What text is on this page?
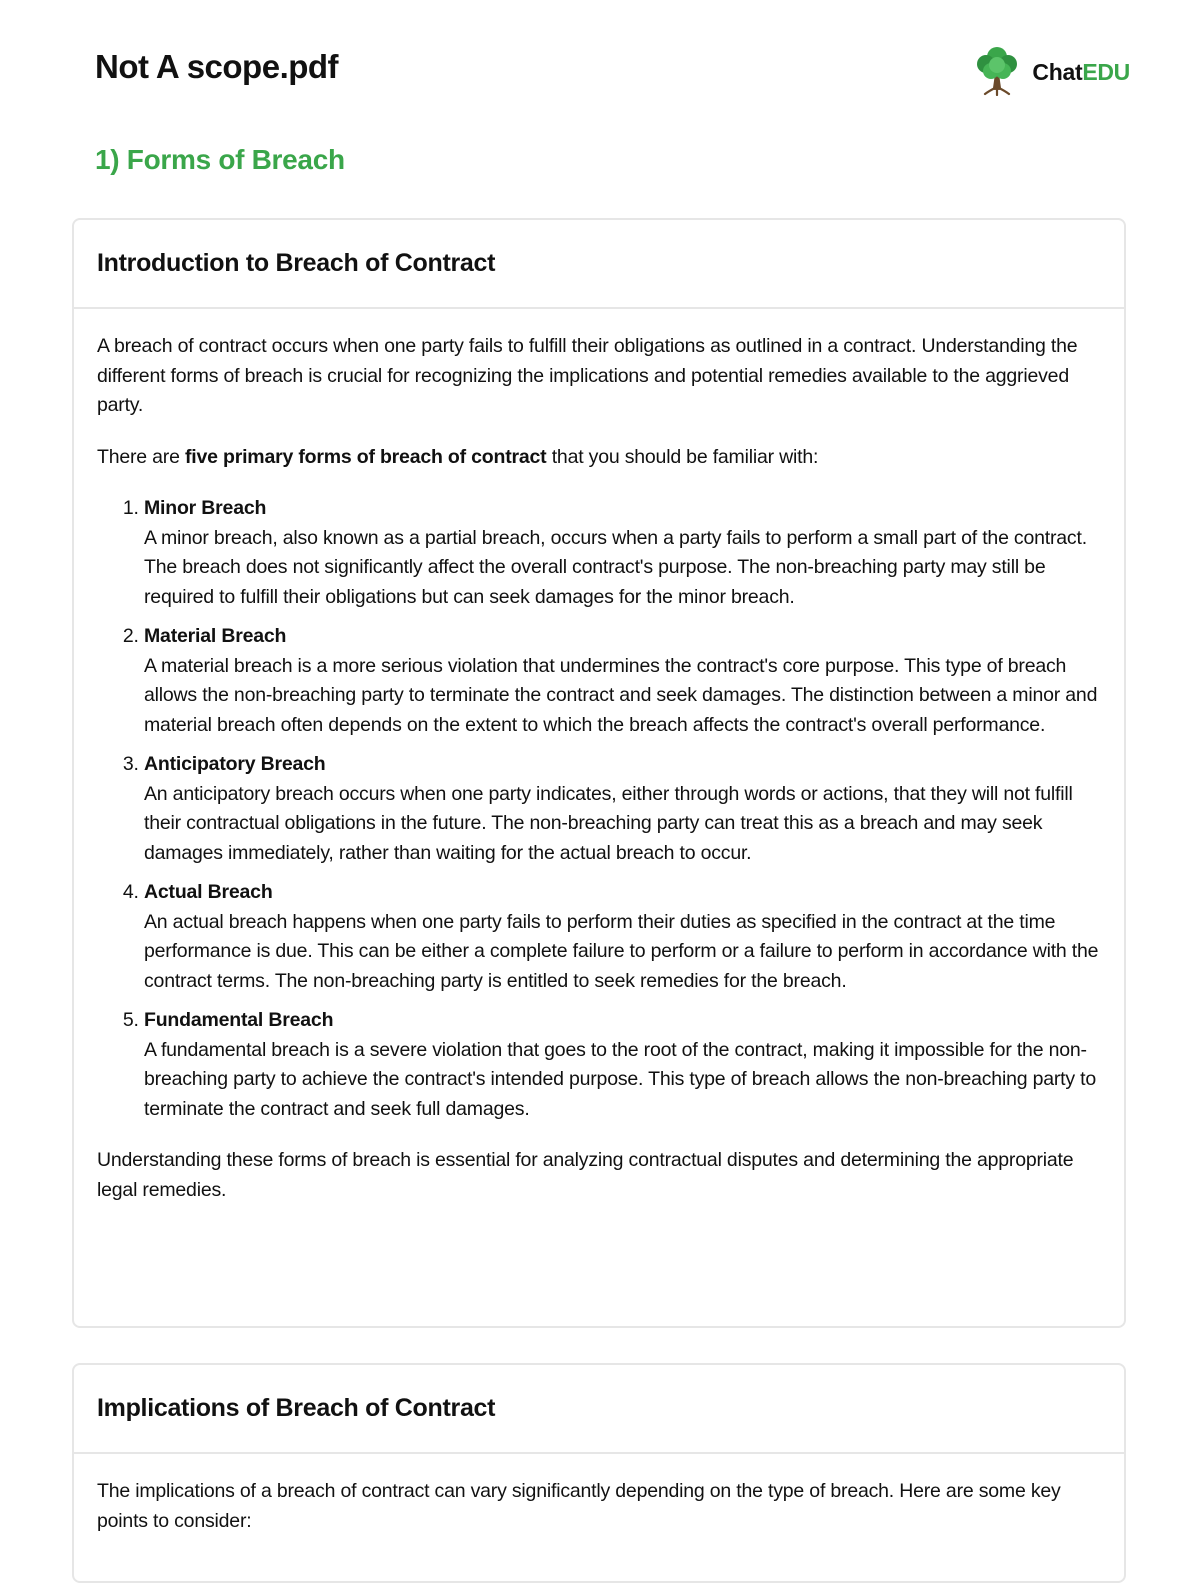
Not A scope.pdf	ChatEDU
1) Forms of Breach
Introduction to Breach of Contract

A breach of contract occurs when one party fails to fulfill their obligations as outlined in a contract. Understanding the different forms of breach is crucial for recognizing the implications and potential remedies available to the aggrieved party.

There are five primary forms of breach of contract that you should be familiar with:

1. Minor Breach
A minor breach, also known as a partial breach, occurs when a party fails to perform a small part of the contract. The breach does not significantly affect the overall contract's purpose. The non-breaching party may still be required to fulfill their obligations but can seek damages for the minor breach.
2. Material Breach
A material breach is a more serious violation that undermines the contract's core purpose. This type of breach allows the non-breaching party to terminate the contract and seek damages. The distinction between a minor and material breach often depends on the extent to which the breach affects the contract's overall performance.
3. Anticipatory Breach
An anticipatory breach occurs when one party indicates, either through words or actions, that they will not fulfill their contractual obligations in the future. The non-breaching party can treat this as a breach and may seek damages immediately, rather than waiting for the actual breach to occur.
4. Actual Breach
An actual breach happens when one party fails to perform their duties as specified in the contract at the time performance is due. This can be either a complete failure to perform or a failure to perform in accordance with the contract terms. The non-breaching party is entitled to seek remedies for the breach.
5. Fundamental Breach
A fundamental breach is a severe violation that goes to the root of the contract, making it impossible for the non-breaching party to achieve the contract's intended purpose. This type of breach allows the non-breaching party to terminate the contract and seek full damages.

Understanding these forms of breach is essential for analyzing contractual disputes and determining the appropriate legal remedies.

Implications of Breach of Contract

The implications of a breach of contract can vary significantly depending on the type of breach. Here are some key points to consider:
